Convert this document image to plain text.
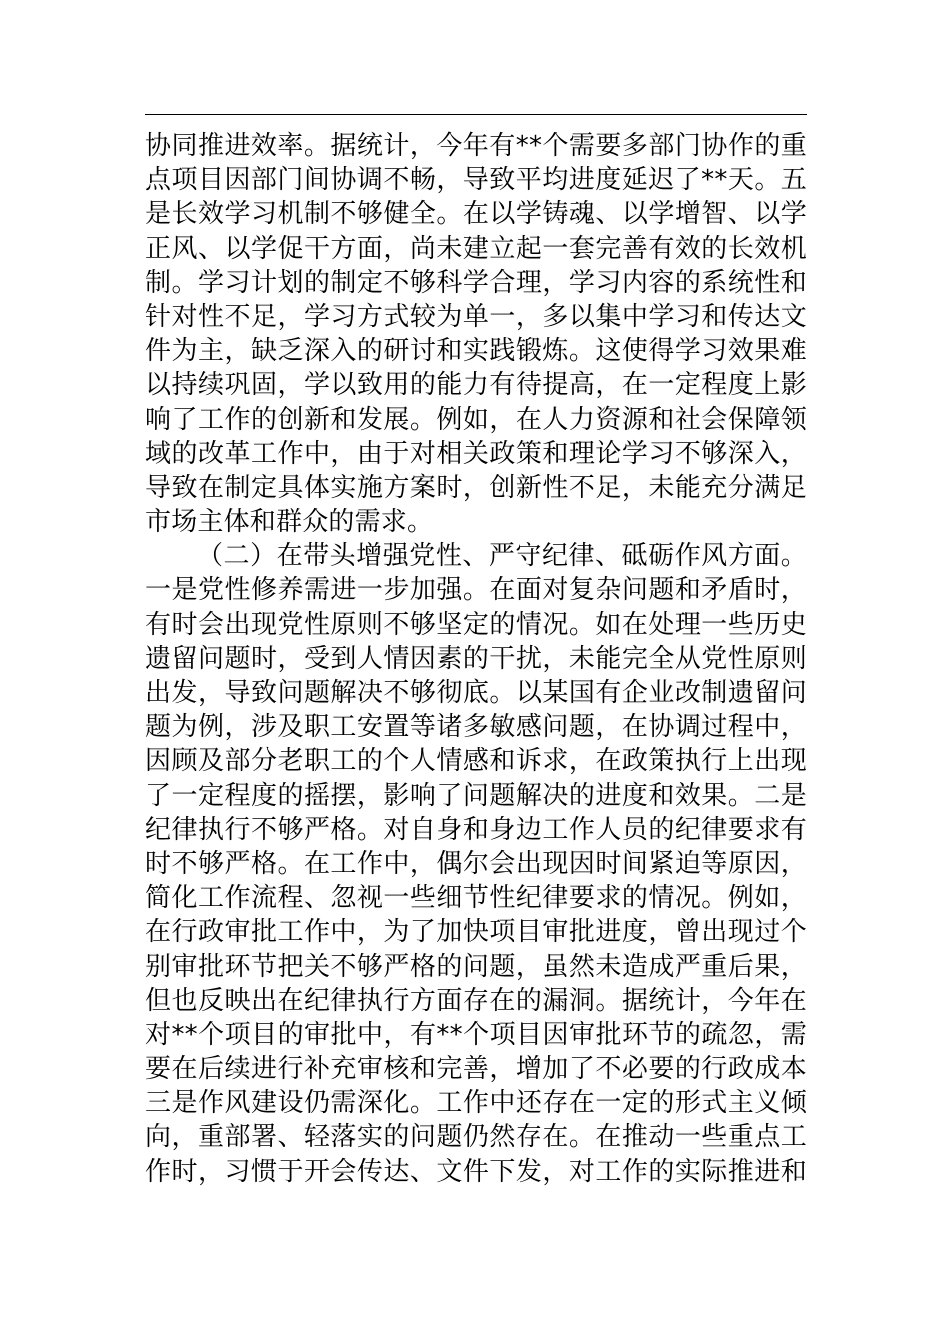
协同推进效率。据统计，今年有**个需要多部门协作的重
点项目因部门间协调不畅，导致平均进度延迟了**天。五
是长效学习机制不够健全。在以学铸魂、以学增智、以学
正风、以学促干方面，尚未建立起一套完善有效的长效机
制。学习计划的制定不够科学合理，学习内容的系统性和
针对性不足，学习方式较为单一，多以集中学习和传达文
件为主，缺乏深入的研讨和实践锻炼。这使得学习效果难
以持续巩固，学以致用的能力有待提高，在一定程度上影
响了工作的创新和发展。例如，在人力资源和社会保障领
域的改革工作中，由于对相关政策和理论学习不够深入，
导致在制定具体实施方案时，创新性不足，未能充分满足
市场主体和群众的需求。
（二）在带头增强党性、严守纪律、砥砺作风方面。
一是党性修养需进一步加强。在面对复杂问题和矛盾时，
有时会出现党性原则不够坚定的情况。如在处理一些历史
遗留问题时，受到人情因素的干扰，未能完全从党性原则
出发，导致问题解决不够彻底。以某国有企业改制遗留问
题为例，涉及职工安置等诸多敏感问题，在协调过程中，
因顾及部分老职工的个人情感和诉求，在政策执行上出现
了一定程度的摇摆，影响了问题解决的进度和效果。二是
纪律执行不够严格。对自身和身边工作人员的纪律要求有
时不够严格。在工作中，偶尔会出现因时间紧迫等原因，
简化工作流程、忽视一些细节性纪律要求的情况。例如，
在行政审批工作中，为了加快项目审批进度，曾出现过个
别审批环节把关不够严格的问题，虽然未造成严重后果，
但也反映出在纪律执行方面存在的漏洞。据统计，今年在
对**个项目的审批中，有**个项目因审批环节的疏忽，需
要在后续进行补充审核和完善，增加了不必要的行政成本
三是作风建设仍需深化。工作中还存在一定的形式主义倾
向，重部署、轻落实的问题仍然存在。在推动一些重点工
作时，习惯于开会传达、文件下发，对工作的实际推进和
